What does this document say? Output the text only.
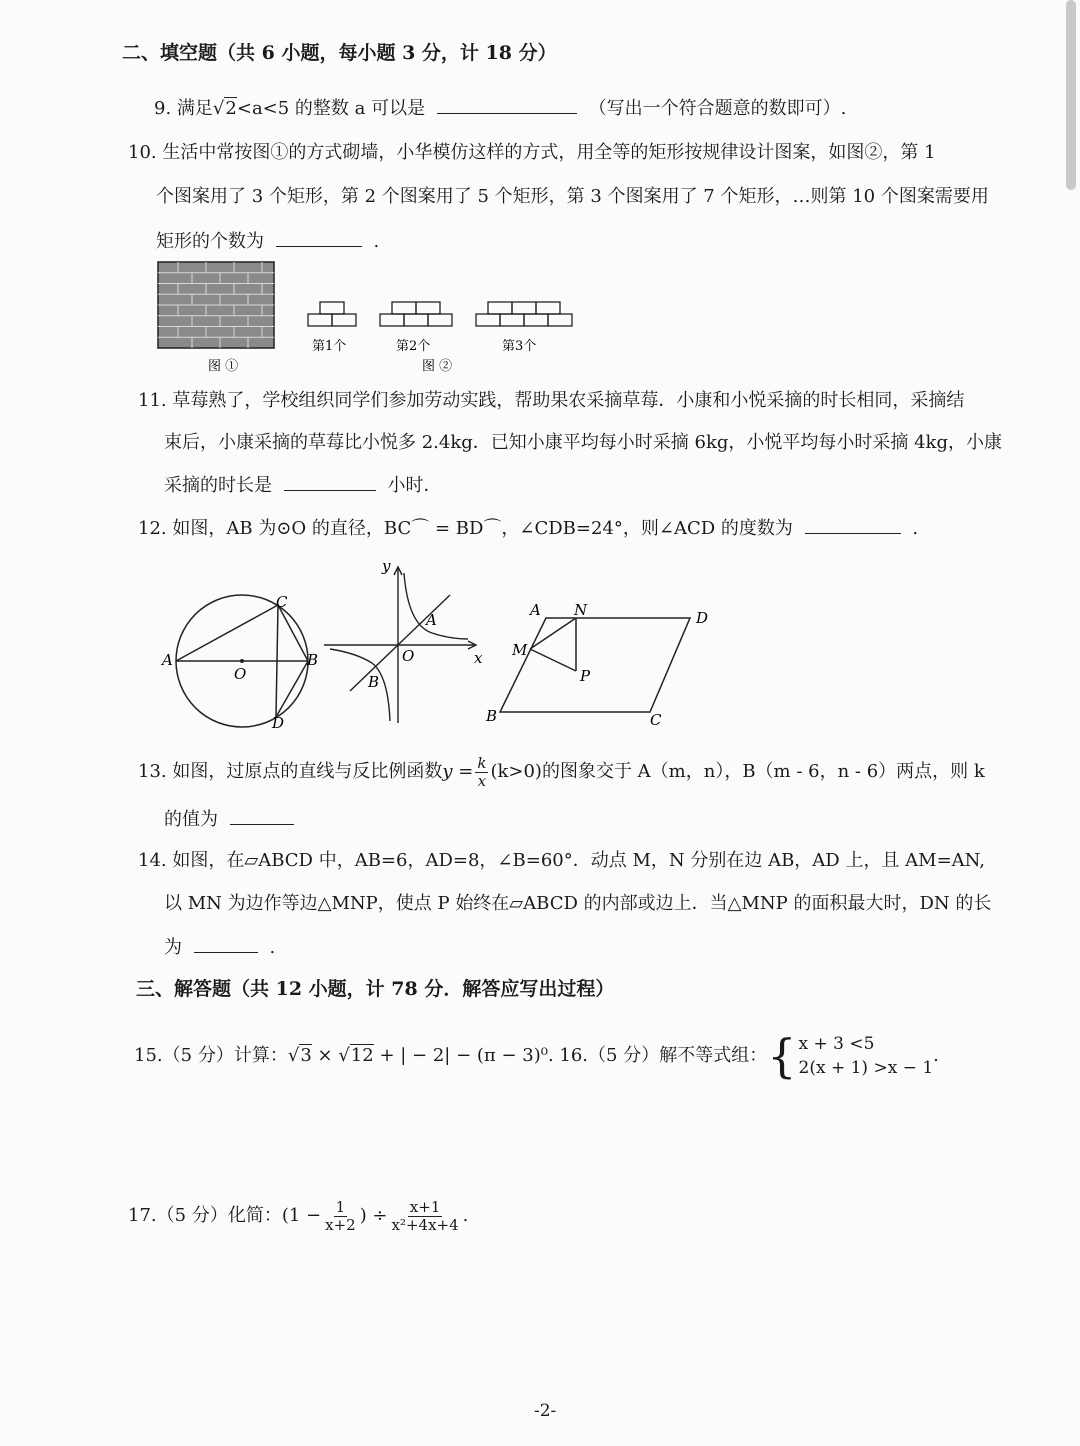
二、填空题（共 6 小题，每小题 3 分，计 18 分）
9. 满足√2<a<5 的整数 a 可以是	（写出一个符合题意的数即可）.
10. 生活中常按图①的方式砌墙，小华模仿这样的方式，用全等的矩形按规律设计图案，如图②，第 1
个图案用了 3 个矩形，第 2 个图案用了 5 个矩形，第 3 个图案用了 7 个矩形，…则第 10 个图案需要用
矩形的个数为	.
第1个	第2个	第3个
图 ①	图 ②
11. 草莓熟了，学校组织同学们参加劳动实践，帮助果农采摘草莓．小康和小悦采摘的时长相同，采摘结
束后，小康采摘的草莓比小悦多 2.4kg．已知小康平均每小时采摘 6kg，小悦平均每小时采摘 4kg，小康
采摘的时长是	小时．
12. 如图，AB 为⊙O 的直径，BC⌒ = BD⌒，∠CDB=24°，则∠ACD 的度数为	.
A	B
C
D
O
y
x
O
A
B
A N	D
M
P
B	C
13. 如图，过原点的直线与反比例函数$y = \frac{k}{x} (k>0)$的图象交于 A（m，n），B（m - 6，n - 6）两点，则 k
的值为
14. 如图，在▱ABCD 中，AB=6，AD=8，∠B=60°．动点 M，N 分别在边 AB，AD 上，且 AM=AN,
以 MN 为边作等边△MNP，使点 P 始终在▱ABCD 的内部或边上．当△MNP 的面积最大时，DN 的长
为	.
三、解答题（共 12 小题，计 78 分．解答应写出过程）
15.（5 分）计算：√3 × √12 + | − 2| − (π − 3)⁰. 16.（5 分）解不等式组： { x + 3 <5
2(x + 1) >x − 1
.
17.（5 分）化简：($1 - \frac{1}{x+2}$ ) ÷ $\frac{x+1}{\text{x²+4x+4}}$ .
-2-
